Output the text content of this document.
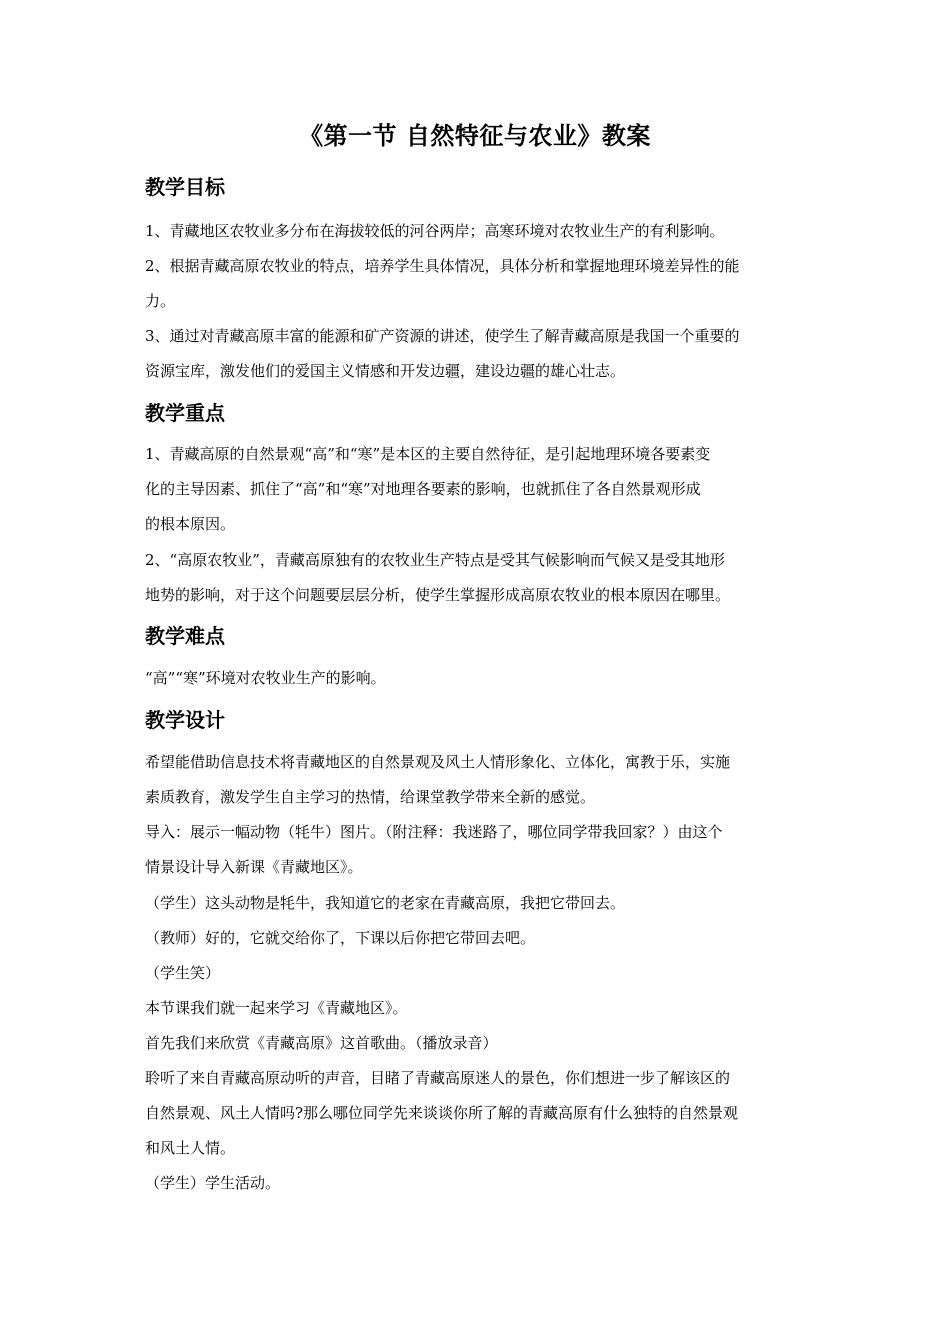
《第一节 自然特征与农业》教案
教学目标
1、青藏地区农牧业多分布在海拔较低的河谷两岸；高寒环境对农牧业生产的有利影响。
2、根据青藏高原农牧业的特点，培养学生具体情况，具体分析和掌握地理环境差异性的能
力。
3、通过对青藏高原丰富的能源和矿产资源的讲述，使学生了解青藏高原是我国一个重要的
资源宝库，激发他们的爱国主义情感和开发边疆，建设边疆的雄心壮志。
教学重点
1、青藏高原的自然景观“高”和“寒”是本区的主要自然待征，是引起地理环境各要素变
化的主导因素、抓住了“高”和“寒”对地理各要素的影响，也就抓住了各自然景观形成
的根本原因。
2、“高原农牧业”，青藏高原独有的农牧业生产特点是受其气候影响而气候又是受其地形
地势的影响，对于这个问题要层层分析，使学生掌握形成高原农牧业的根本原因在哪里。
教学难点
“高”“寒”环境对农牧业生产的影响。
教学设计
希望能借助信息技术将青藏地区的自然景观及风土人情形象化、立体化，寓教于乐，实施
素质教育，激发学生自主学习的热情，给课堂教学带来全新的感觉。
导入：展示一幅动物（牦牛）图片。（附注释：我迷路了，哪位同学带我回家？）由这个
情景设计导入新课《青藏地区》。
（学生）这头动物是牦牛，我知道它的老家在青藏高原，我把它带回去。
（教师）好的，它就交给你了，下课以后你把它带回去吧。
（学生笑）
本节课我们就一起来学习《青藏地区》。
首先我们来欣赏《青藏高原》这首歌曲。（播放录音）
聆听了来自青藏高原动听的声音，目睹了青藏高原迷人的景色，你们想进一步了解该区的
自然景观、风土人情吗?那么哪位同学先来谈谈你所了解的青藏高原有什么独特的自然景观
和风土人情。
（学生）学生活动。
